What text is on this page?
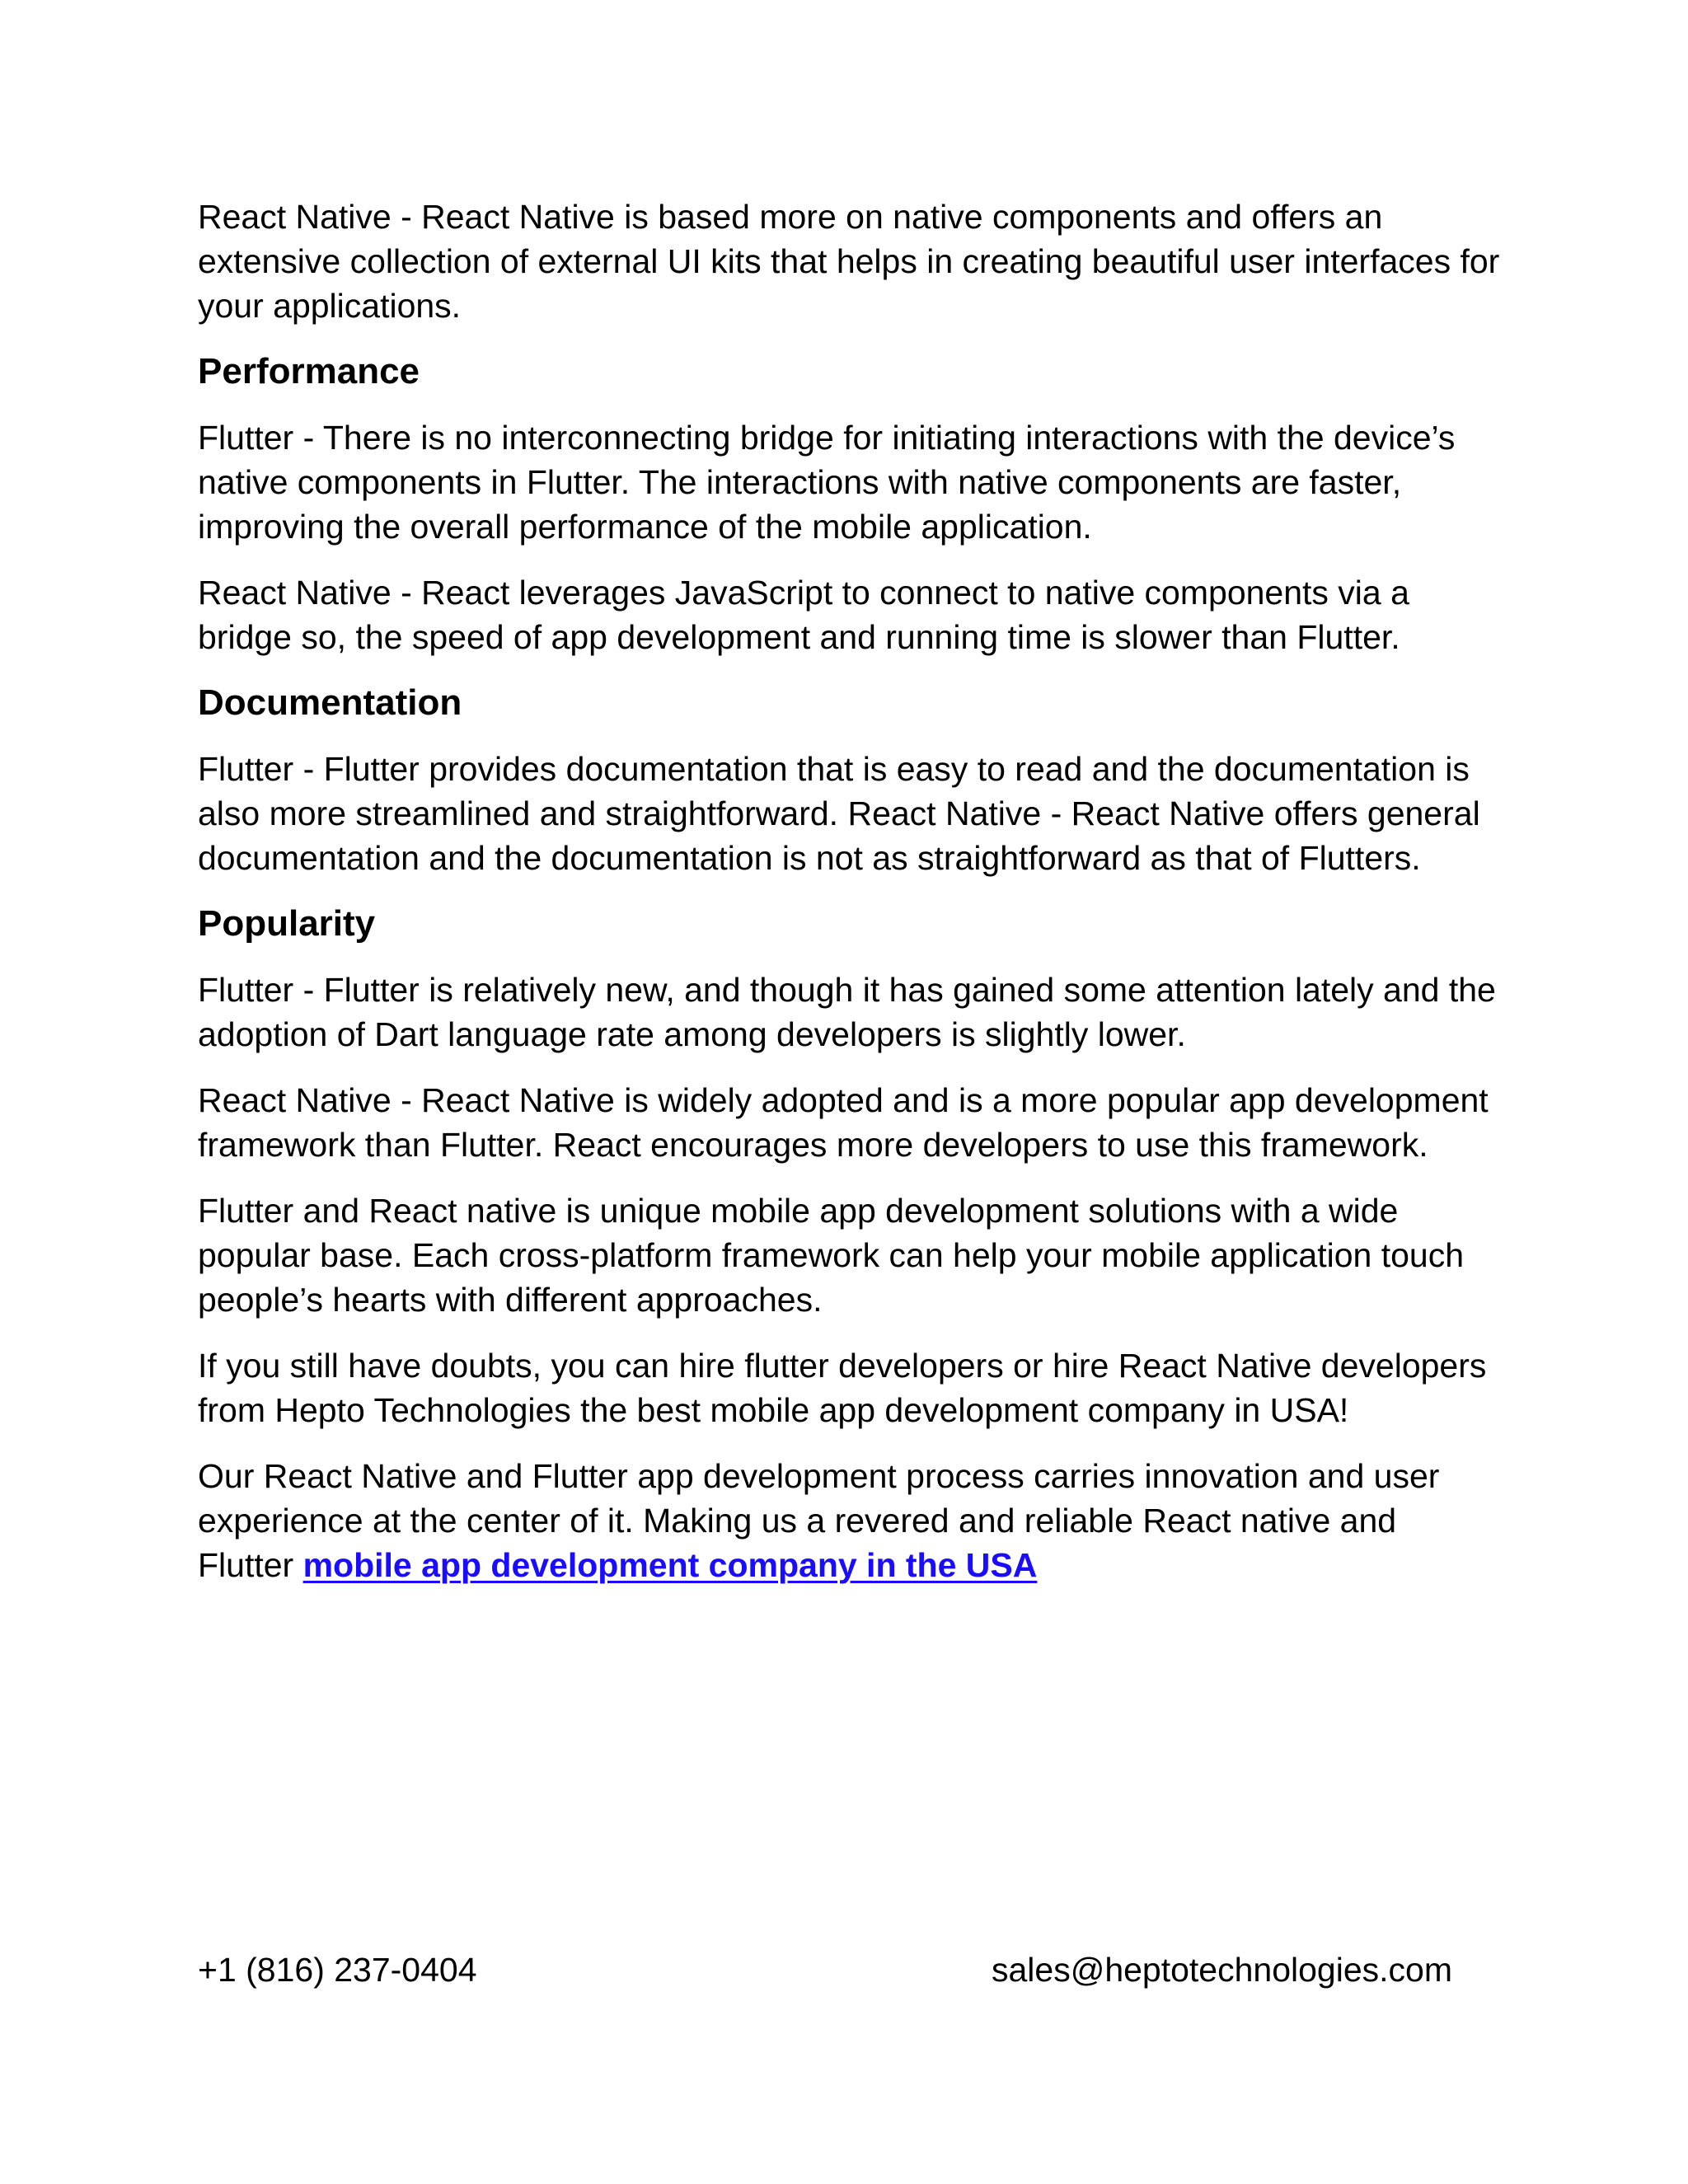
React Native - React Native is based more on native components and offers an extensive collection of external UI kits that helps in creating beautiful user interfaces for your applications.

Performance

Flutter - There is no interconnecting bridge for initiating interactions with the device’s native components in Flutter. The interactions with native components are faster, improving the overall performance of the mobile application.

React Native - React leverages JavaScript to connect to native components via a bridge so, the speed of app development and running time is slower than Flutter.

Documentation

Flutter - Flutter provides documentation that is easy to read and the documentation is also more streamlined and straightforward. React Native - React Native offers general documentation and the documentation is not as straightforward as that of Flutters.

Popularity

Flutter - Flutter is relatively new, and though it has gained some attention lately and the adoption of Dart language rate among developers is slightly lower.

React Native - React Native is widely adopted and is a more popular app development framework than Flutter. React encourages more developers to use this framework.

Flutter and React native is unique mobile app development solutions with a wide popular base. Each cross-platform framework can help your mobile application touch people’s hearts with different approaches.

If you still have doubts, you can hire flutter developers or hire React Native developers from Hepto Technologies the best mobile app development company in USA!

Our React Native and Flutter app development process carries innovation and user experience at the center of it. Making us a revered and reliable React native and Flutter mobile app development company in the USA

+1 (816) 237-0404	sales@heptotechnologies.com
